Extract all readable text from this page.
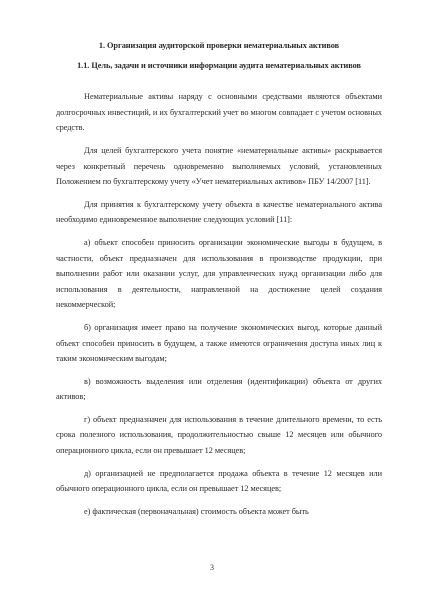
1. Организация аудиторской проверки нематериальных активов

1.1. Цель, задачи и источники информации аудита нематериальных активов

Нематериальные активы наряду с основными средствами являются объектами долгосрочных инвестиций, и их бухгалтерский учет во многом совпадает с учетом основных средств.

Для целей бухгалтерского учета понятие «нематериальные активы» раскрывается через конкретный перечень одновременно выполняемых условий, установленных Положением по бухгалтерскому учету «Учет нематериальных активов» ПБУ 14/2007 [11].

Для принятия к бухгалтерскому учету объекта в качестве нематериального актива необходимо единовременное выполнение следующих условий [11]:

а) объект способен приносить организации экономические выгоды в будущем, в частности, объект предназначен для использования в производстве продукции, при выполнении работ или оказании услуг, для управленческих нужд организации либо для использования в деятельности, направленной на достижение целей создания некоммерческой;

б) организация имеет право на получение экономических выгод, которые данный объект способен приносить в будущем, а также имеются ограничения доступа иных лиц к таким экономическим выгодам;

в) возможность выделения или отделения (идентификации) объекта от других активов;

г) объект предназначен для использования в течение длительного времени, то есть срока полезного использования, продолжительностью свыше 12 месяцев или обычного операционного цикла, если он превышает 12 месяцев;

д) организацией не предполагается продажа объекта в течение 12 месяцев или обычного операционного цикла, если он превышает 12 месяцев;

е) фактическая (первоначальная) стоимость объекта может быть

3
